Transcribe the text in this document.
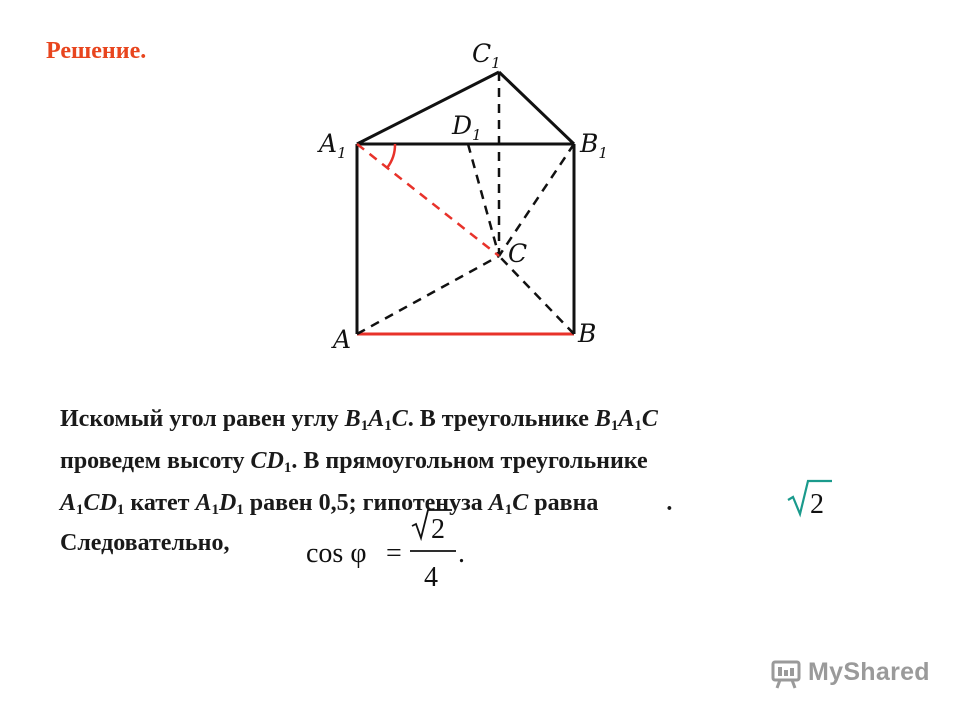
Решение.	$C_1$
$D_1$
$A_1$	$B_1$
C
A	B
Искомый угол равен углу $B_1A_1C$. В треугольнике $B_1A_1C$
проведем высоту $CD_1$. В прямоугольном треугольнике
$A_1CD_1$ катет $A_1D_1$ равен 0,5; гипотенуза $A_1C$ равна	.	2
Следовательно,	cos φ =
2
4
.
MyShared
